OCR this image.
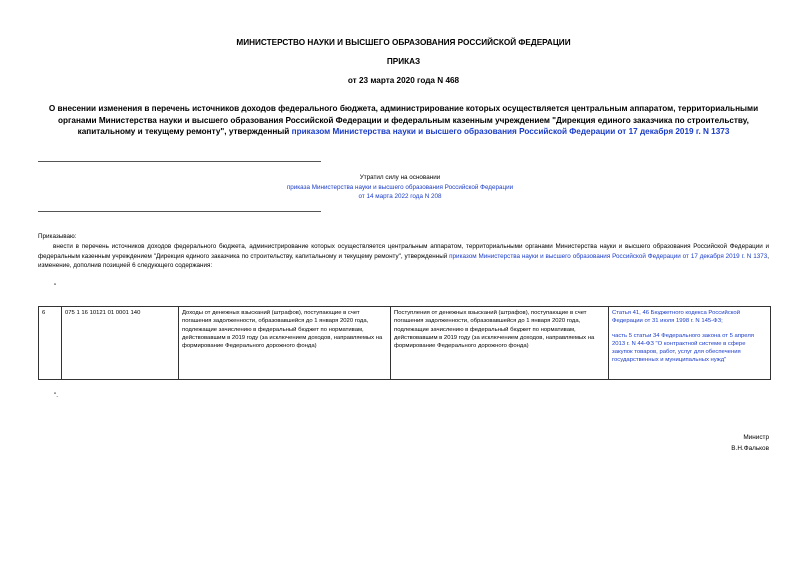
МИНИСТЕРСТВО НАУКИ И ВЫСШЕГО ОБРАЗОВАНИЯ РОССИЙСКОЙ ФЕДЕРАЦИИ
ПРИКАЗ
от 23 марта 2020 года N 468
О внесении изменения в перечень источников доходов федерального бюджета, администрирование которых осуществляется центральным аппаратом, территориальными органами Министерства науки и высшего образования Российской Федерации и федеральным казенным учреждением "Дирекция единого заказчика по строительству, капитальному и текущему ремонту", утвержденный приказом Министерства науки и высшего образования Российской Федерации от 17 декабря 2019 г. N 1373
Утратил силу на основании
приказа Министерства науки и высшего образования Российской Федерации
от 14 марта 2022 года N 208
Приказываю:
внести в перечень источников доходов федерального бюджета, администрирование которых осуществляется центральным аппаратом, территориальными органами Министерства науки и высшего образования Российской Федерации и федеральным казенным учреждением "Дирекция единого заказчика по строительству, капитальному и текущему ремонту", утвержденный приказом Министерства науки и высшего образования Российской Федерации от 17 декабря 2019 г. N 1373, изменение, дополнив позицией 6 следующего содержания:
"
6	075 1 16 10121 01 0001 140	Доходы от денежных взысканий (штрафов), поступающие в счет погашения задолженности, образовавшейся до 1 января 2020 года, подлежащие зачислению в федеральный бюджет по нормативам, действовавшим в 2019 году (за исключением доходов, направляемых на формирование Федерального дорожного фонда)	Поступления от денежных взысканий (штрафов), поступающие в счет погашения задолженности, образовавшейся до 1 января 2020 года, подлежащие зачислению в федеральный бюджет по нормативам, действовавшим в 2019 году (за исключением доходов, направляемых на формирование Федерального дорожного фонда)	Статья 41, 46 Бюджетного кодекса Российской Федерации от 31 июля 1998 г. N 145-ФЗ;
часть 5 статьи 34 Федерального закона от 5 апреля 2013 г. N 44-ФЗ "О контрактной системе в сфере закупок товаров, работ, услуг для обеспечения государственных и муниципальных нужд"
".
Министр
В.Н.Фальков
